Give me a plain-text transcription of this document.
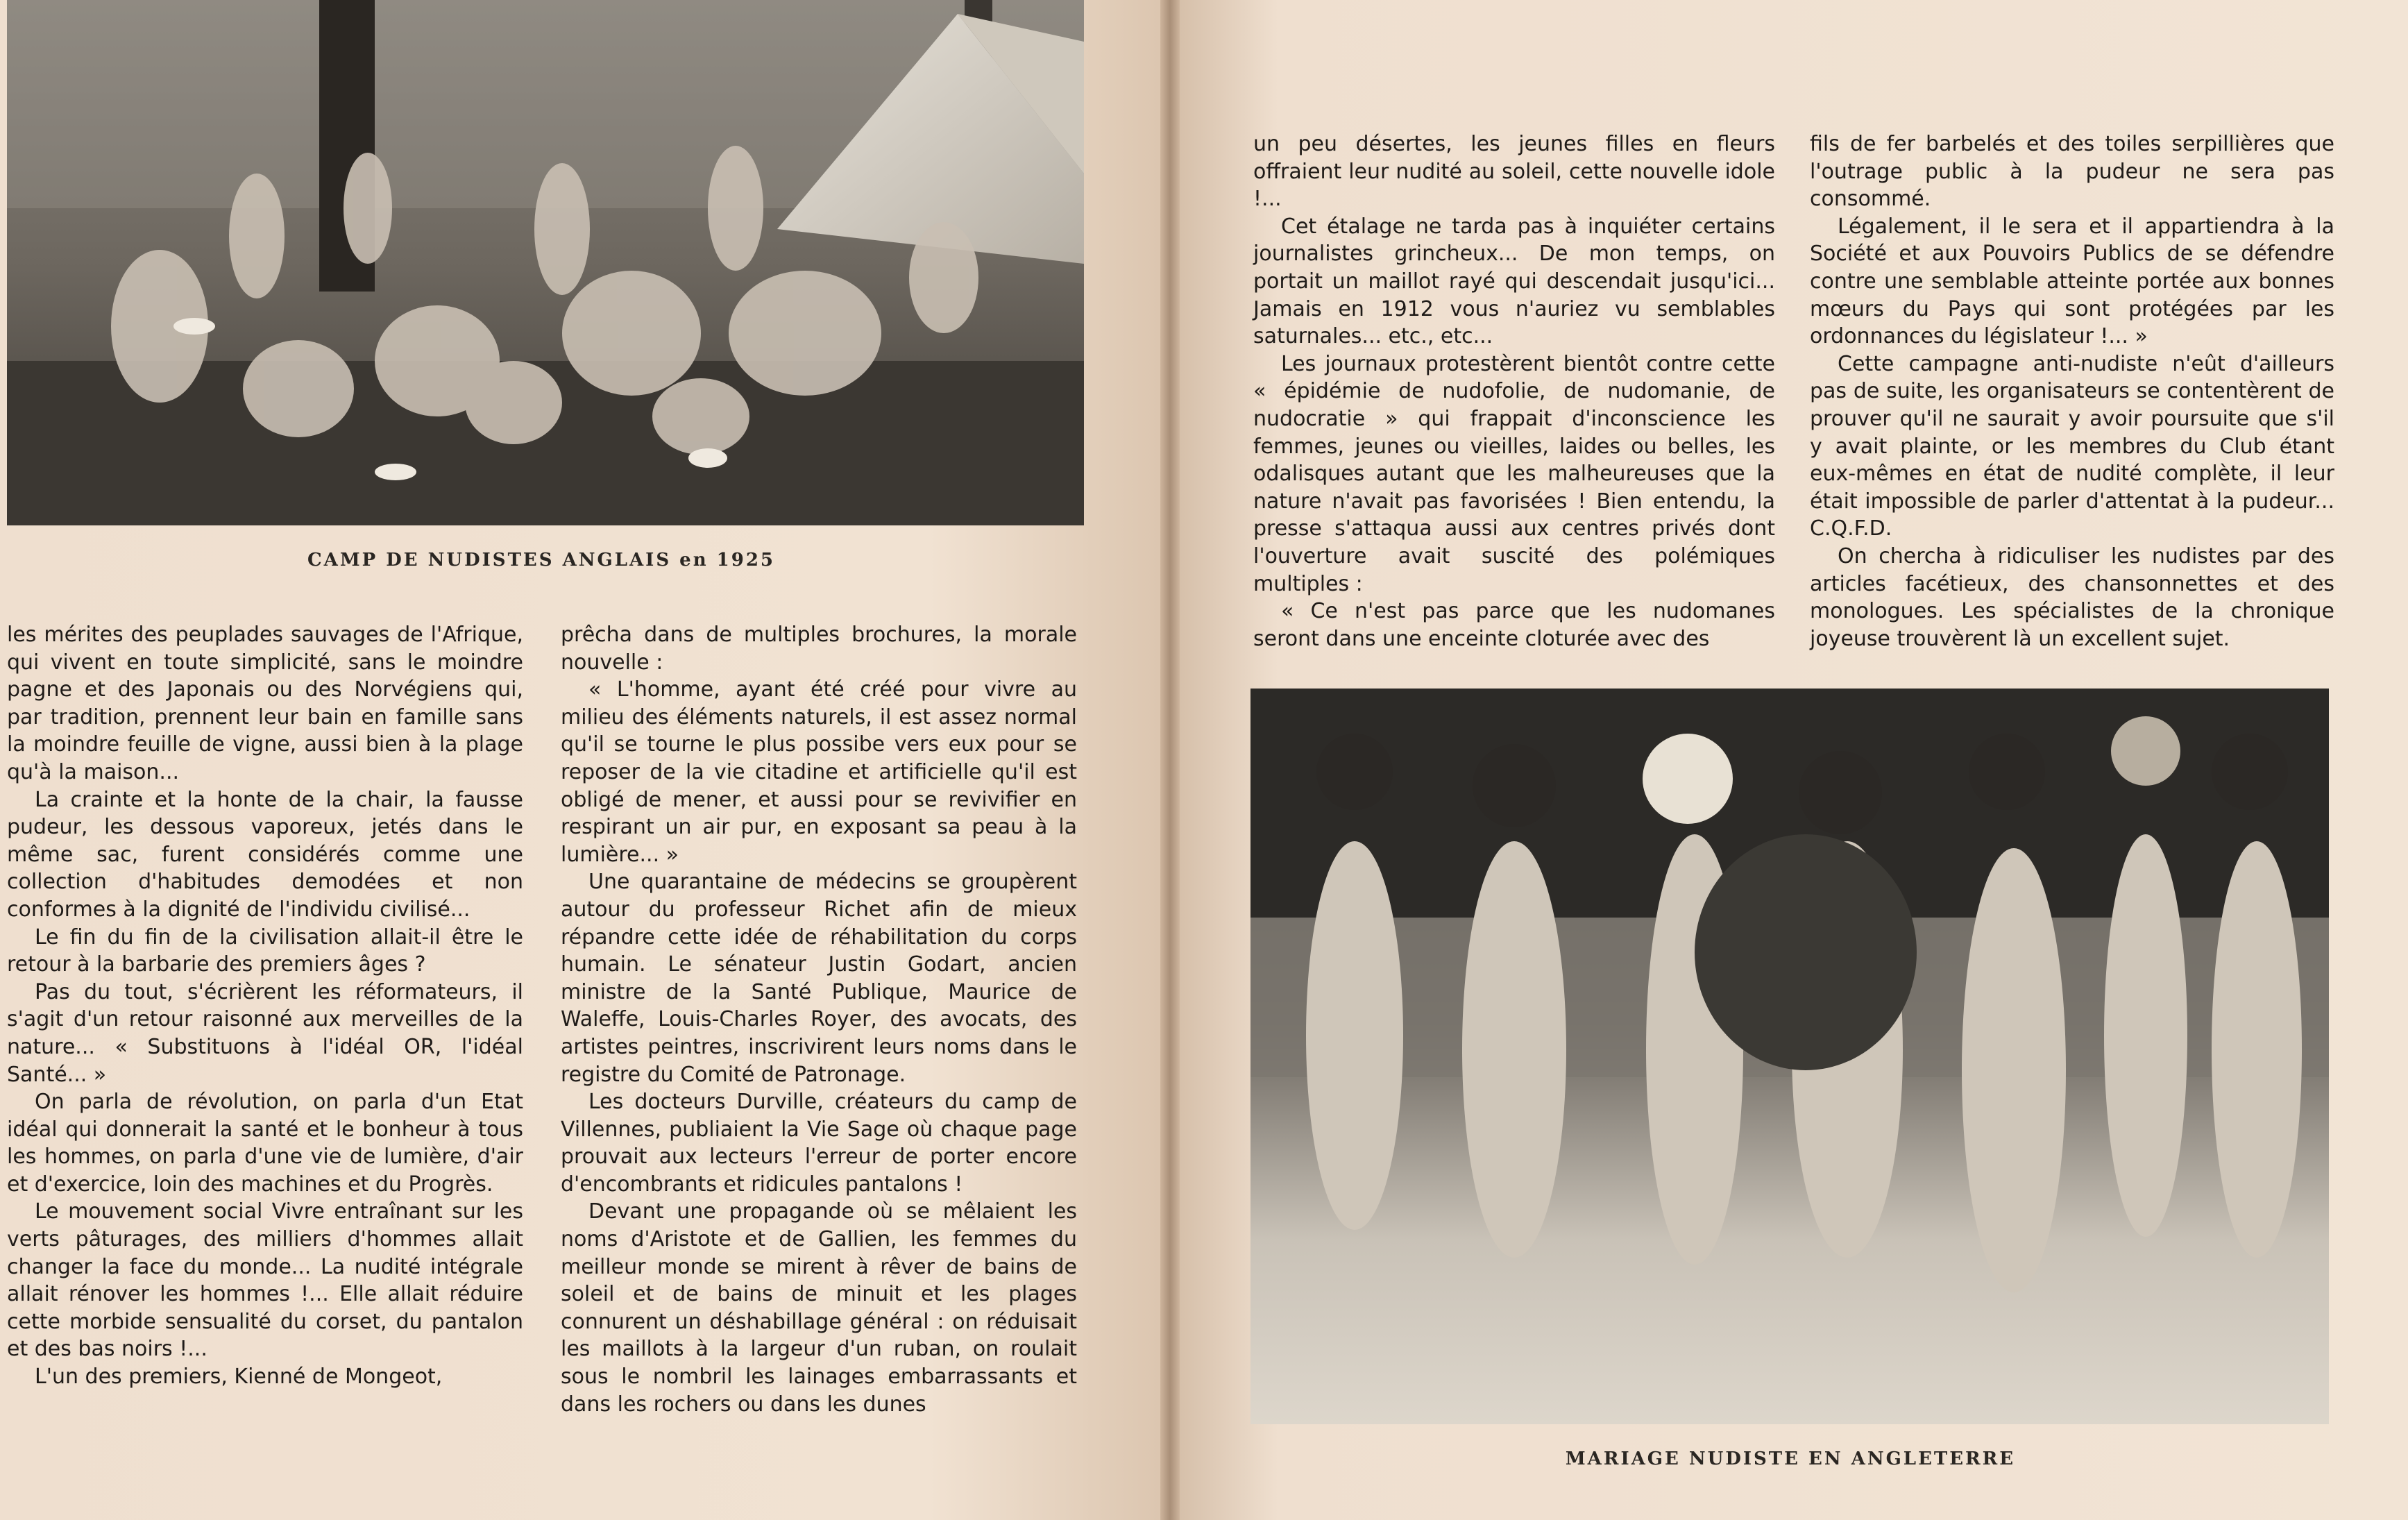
CAMP DE NUDISTES ANGLAIS en 1925

les mérites des peuplades sauvages de l'Afrique, qui vivent en toute simplicité, sans le moindre pagne et des Japonais ou des Norvégiens qui, par tradition, prennent leur bain en famille sans la moindre feuille de vigne, aussi bien à la plage qu'à la maison...

La crainte et la honte de la chair, la fausse pudeur, les dessous vaporeux, jetés dans le même sac, furent considérés comme une collection d'habitudes demodées et non conformes à la dignité de l'individu civilisé...

Le fin du fin de la civilisation allait-il être le retour à la barbarie des premiers âges ?

Pas du tout, s'écrièrent les réformateurs, il s'agit d'un retour raisonné aux merveilles de la nature... « Substituons à l'idéal OR, l'idéal Santé... »

On parla de révolution, on parla d'un Etat idéal qui donnerait la santé et le bonheur à tous les hommes, on parla d'une vie de lumière, d'air et d'exercice, loin des machines et du Progrès.

Le mouvement social Vivre entraînant sur les verts pâturages, des milliers d'hommes allait changer la face du monde... La nudité intégrale allait rénover les hommes !... Elle allait réduire cette morbide sensualité du corset, du pantalon et des bas noirs !...

L'un des premiers, Kienné de Mongeot,

prêcha dans de multiples brochures, la morale nouvelle :

« L'homme, ayant été créé pour vivre au milieu des éléments naturels, il est assez normal qu'il se tourne le plus possibe vers eux pour se reposer de la vie citadine et artificielle qu'il est obligé de mener, et aussi pour se revivifier en respirant un air pur, en exposant sa peau à la lumière... »

Une quarantaine de médecins se groupèrent autour du professeur Richet afin de mieux répandre cette idée de réhabilitation du corps humain. Le sénateur Justin Godart, ancien ministre de la Santé Publique, Maurice de Waleffe, Louis-Charles Royer, des avocats, des artistes peintres, inscrivirent leurs noms dans le registre du Comité de Patronage.

Les docteurs Durville, créateurs du camp de Villennes, publiaient la Vie Sage où chaque page prouvait aux lecteurs l'erreur de porter encore d'encombrants et ridicules pantalons !

Devant une propagande où se mêlaient les noms d'Aristote et de Gallien, les femmes du meilleur monde se mirent à rêver de bains de soleil et de bains de minuit et les plages connurent un déshabillage général : on réduisait les maillots à la largeur d'un ruban, on roulait sous le nombril les lainages embarrassants et dans les rochers ou dans les dunes

un peu désertes, les jeunes filles en fleurs offraient leur nudité au soleil, cette nouvelle idole !...

Cet étalage ne tarda pas à inquiéter certains journalistes grincheux... De mon temps, on portait un maillot rayé qui descendait jusqu'ici... Jamais en 1912 vous n'auriez vu semblables saturnales... etc., etc...

Les journaux protestèrent bientôt contre cette « épidémie de nudofolie, de nudomanie, de nudocratie » qui frappait d'inconscience les femmes, jeunes ou vieilles, laides ou belles, les odalisques autant que les malheureuses que la nature n'avait pas favorisées ! Bien entendu, la presse s'attaqua aussi aux centres privés dont l'ouverture avait suscité des polémiques multiples :

« Ce n'est pas parce que les nudomanes seront dans une enceinte cloturée avec des

fils de fer barbelés et des toiles serpillières que l'outrage public à la pudeur ne sera pas consommé.

Légalement, il le sera et il appartiendra à la Société et aux Pouvoirs Publics de se défendre contre une semblable atteinte portée aux bonnes mœurs du Pays qui sont protégées par les ordonnances du législateur !... »

Cette campagne anti-nudiste n'eût d'ailleurs pas de suite, les organisateurs se contentèrent de prouver qu'il ne saurait y avoir poursuite que s'il y avait plainte, or les membres du Club étant eux-mêmes en état de nudité complète, il leur était impossible de parler d'attentat à la pudeur... C.Q.F.D.

On chercha à ridiculiser les nudistes par des articles facétieux, des chansonnettes et des monologues. Les spécialistes de la chronique joyeuse trouvèrent là un excellent sujet.

MARIAGE NUDISTE EN ANGLETERRE
